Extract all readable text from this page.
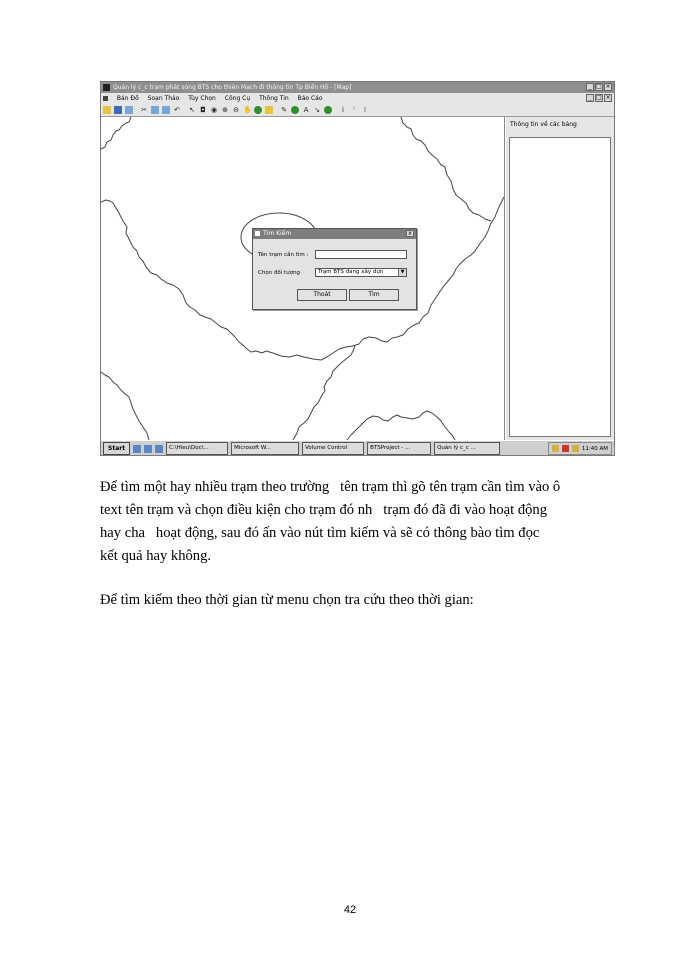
Quản lý c_c trạm phát sóng BTS cho thiên Mạch đi thông tin Tp Biển Hồ - [Map]	_ □ ×
Bản Đồ Soạn Thảo Tùy Chọn Công Cụ Thông Tin Báo Cáo	_ □ ×
✂	↶ ↖ ◘ ◉ ⊕ ⊖ ✋	✎ A ↘	i	ⁱ	⁞
Thông tin về các bảng
Tìm Kiếm	x
Tên trạm cần tìm :
Chọn đối tượng	Trạm BTS đang xây dựn	▼
Thoát	Tìm
Start	C:\Hieu\Doc\...	Microsoft W...	Volume Control	BTSProject - ...	Quản lý c_c ...	11:40 AM

Để tìm một hay nhiều trạm theo trường   tên trạm thì gõ tên trạm cần tìm vào ô

text tên trạm và chọn điều kiện cho trạm đó nh   trạm đó đã đi vào hoạt động

hay cha   hoạt động, sau đó ấn vào nút tìm kiếm và sẽ có thông bào tìm đọc

kết quả hay không.

Để tìm kiếm theo thời gian từ menu chọn tra cứu theo thời gian:

42
